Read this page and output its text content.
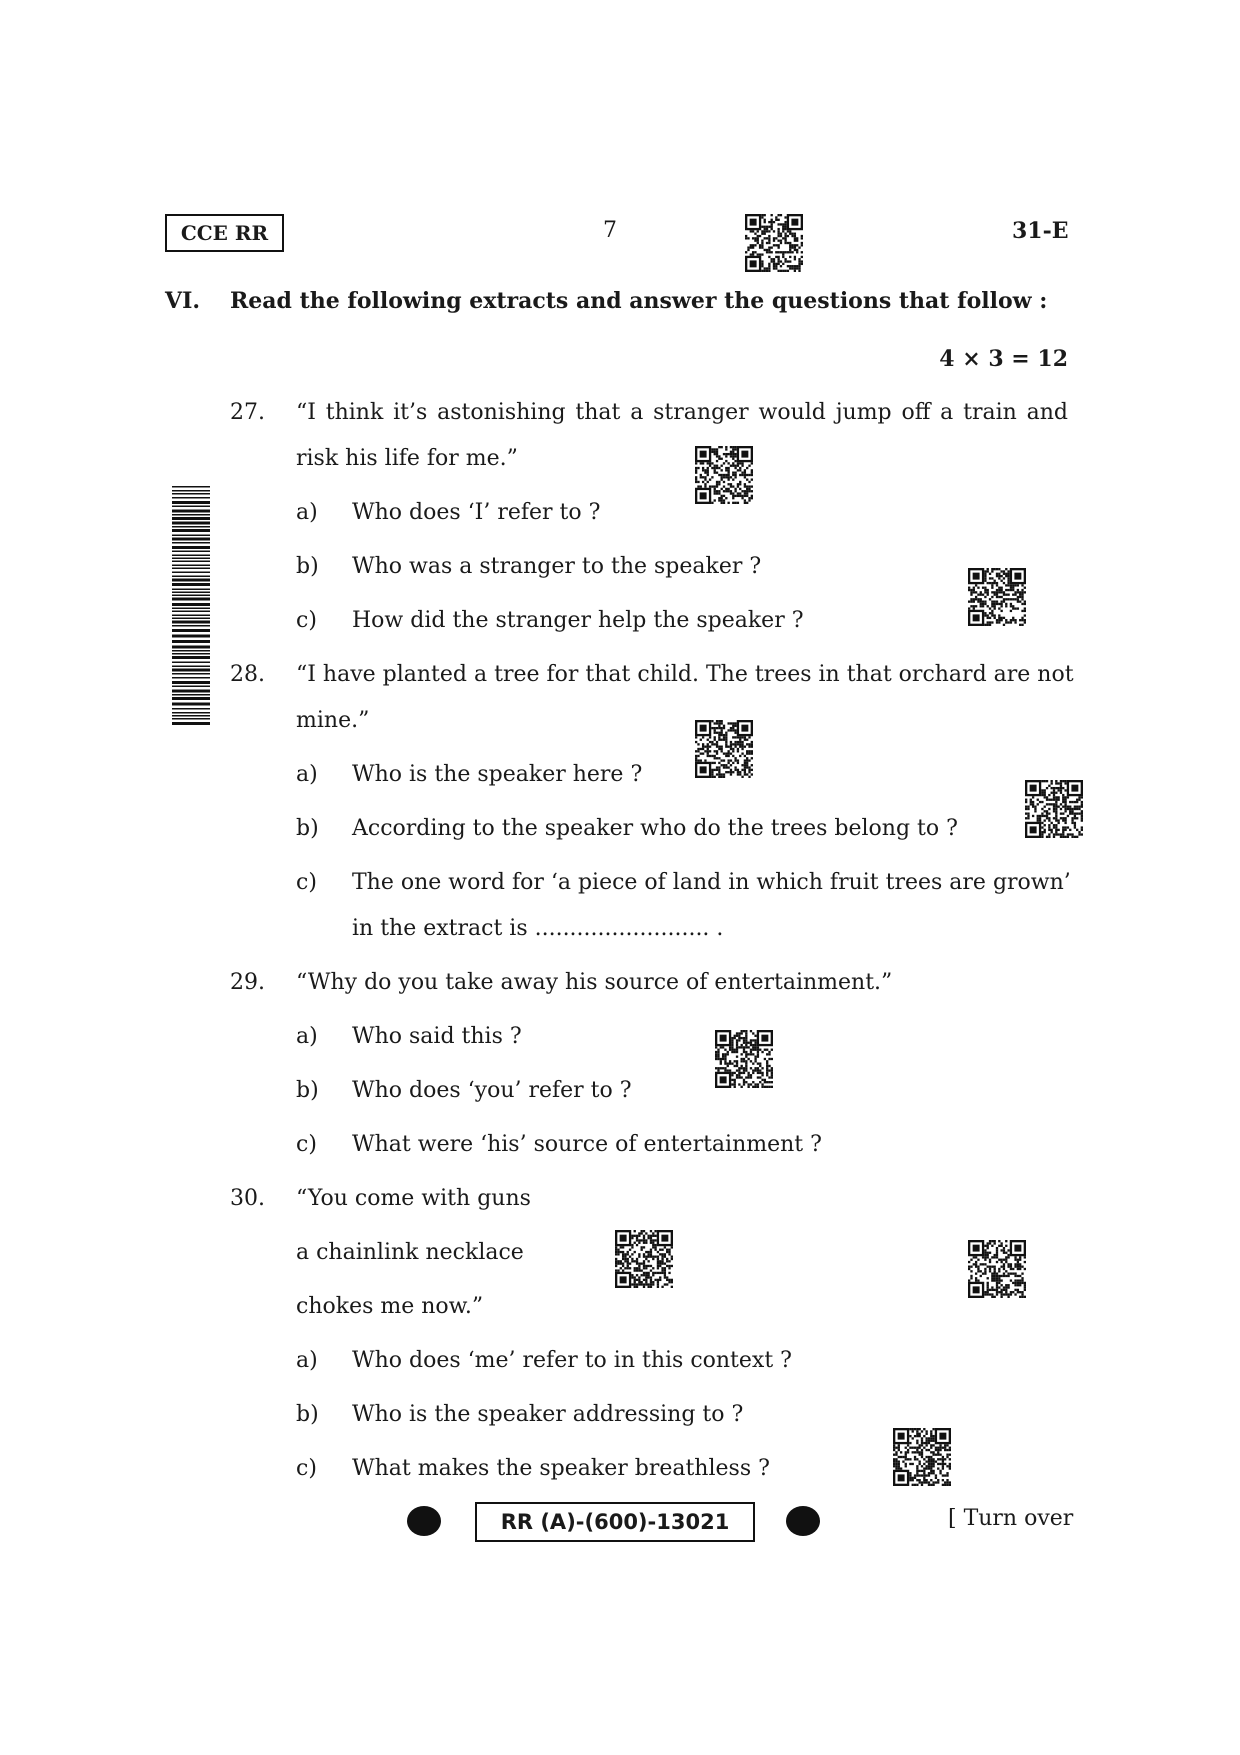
CCE RR	7	31-E
VI. Read the following extracts and answer the questions that follow :
4 × 3 = 12
27. “I think it’s astonishing that a stranger would jump off a train and
risk his life for me.”
a) Who does ‘I’ refer to ?
b) Who was a stranger to the speaker ?
c) How did the stranger help the speaker ?
28. “I have planted a tree for that child. The trees in that orchard are not
mine.”
a) Who is the speaker here ?
b) According to the speaker who do the trees belong to ?
c) The one word for ‘a piece of land in which fruit trees are grown’
in the extract is ......................... .
29. “Why do you take away his source of entertainment.”
a) Who said this ?
b) Who does ‘you’ refer to ?
c) What were ‘his’ source of entertainment ?
30. “You come with guns
a chainlink necklace
chokes me now.”
a) Who does ‘me’ refer to in this context ?
b) Who is the speaker addressing to ?
c) What makes the speaker breathless ?
RR (A)-(600)-13021	[ Turn over
